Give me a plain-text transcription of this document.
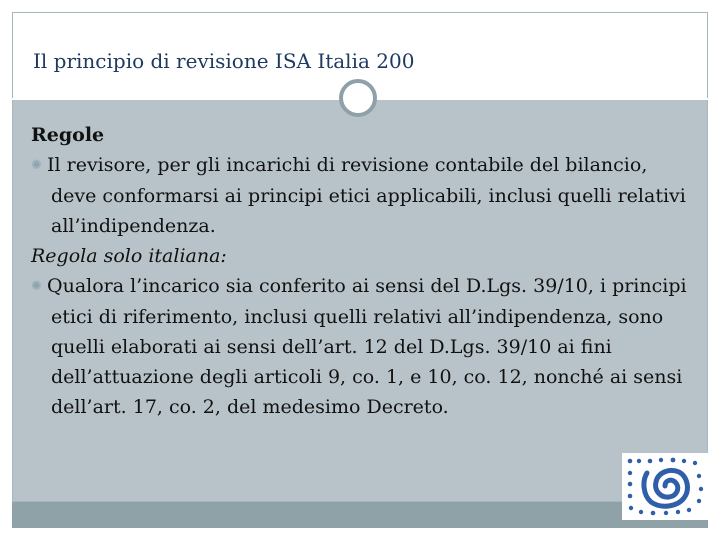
Il principio di revisione ISA Italia 200
Regole
✺ Il revisore, per gli incarichi di revisione contabile del bilancio, deve conformarsi ai principi etici applicabili, inclusi quelli relativi all’indipendenza.
Regola solo italiana:
✺ Qualora l’incarico sia conferito ai sensi del D.Lgs. 39/10, i principi etici di riferimento, inclusi quelli relativi all’indipendenza, sono quelli elaborati ai sensi dell’art. 12 del D.Lgs. 39/10 ai fini dell’attuazione degli articoli 9, co. 1, e 10, co. 12, nonché ai sensi dell’art. 17, co. 2, del medesimo Decreto.
